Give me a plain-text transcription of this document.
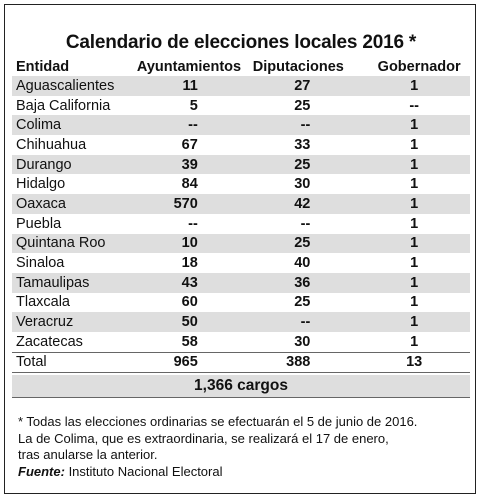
Calendario de elecciones locales 2016 *
Entidad	Ayuntamientos	Diputaciones	Gobernador
Aguascalientes	11	27	1
Baja California	5	25	--
Colima	--	--	1
Chihuahua	67	33	1
Durango	39	25	1
Hidalgo	84	30	1
Oaxaca	570	42	1
Puebla	--	--	1
Quintana Roo	10	25	1
Sinaloa	18	40	1
Tamaulipas	43	36	1
Tlaxcala	60	25	1
Veracruz	50	--	1
Zacatecas	58	30	1
Total	965	388	13
1,366 cargos
* Todas las elecciones ordinarias se efectuarán el 5 de junio de 2016.
La de Colima, que es extraordinaria, se realizará el 17 de enero,
tras anularse la anterior.
Fuente: Instituto Nacional Electoral
